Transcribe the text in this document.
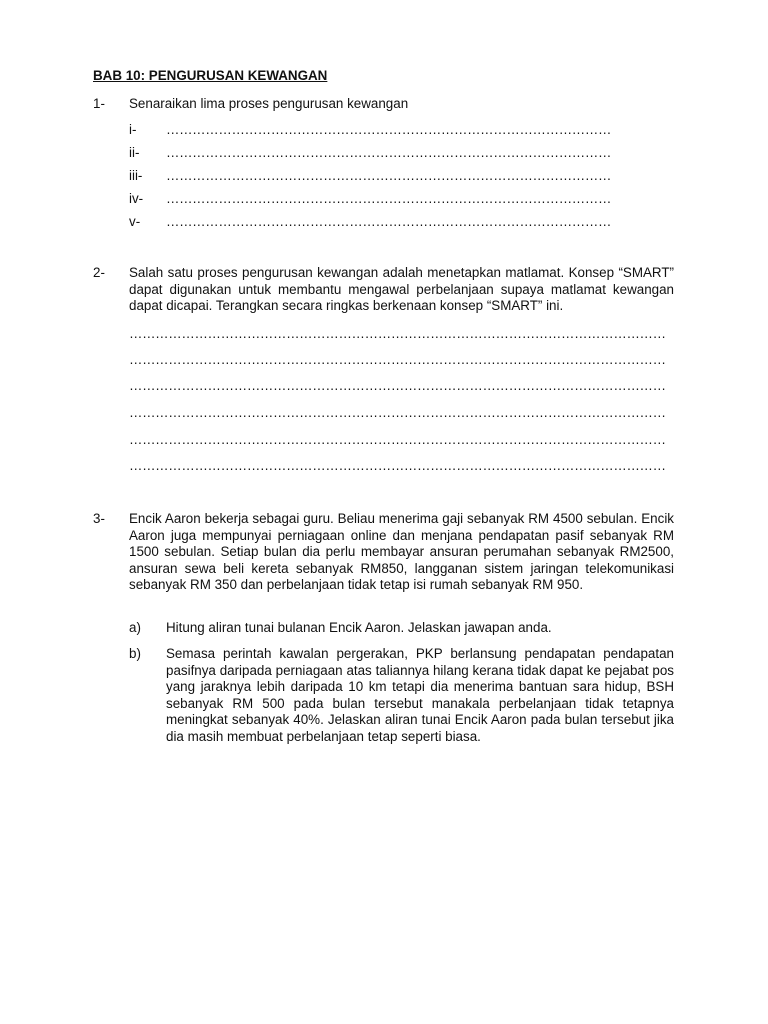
BAB 10: PENGURUSAN KEWANGAN
1- Senaraikan lima proses pengurusan kewangan
i- …………………………………………………………………………………………
ii- …………………………………………………………………………………………
iii- …………………………………………………………………………………………
iv- …………………………………………………………………………………………
v- …………………………………………………………………………………………
2- Salah satu proses pengurusan kewangan adalah menetapkan matlamat. Konsep “SMART” dapat digunakan untuk membantu mengawal perbelanjaan supaya matlamat kewangan dapat dicapai. Terangkan secara ringkas berkenaan konsep “SMART” ini.
……………………………………………………………………………………………………………
……………………………………………………………………………………………………………
……………………………………………………………………………………………………………
……………………………………………………………………………………………………………
……………………………………………………………………………………………………………
……………………………………………………………………………………………………………
3- Encik Aaron bekerja sebagai guru. Beliau menerima gaji sebanyak RM 4500 sebulan. Encik Aaron juga mempunyai perniagaan online dan menjana pendapatan pasif sebanyak RM 1500 sebulan. Setiap bulan dia perlu membayar ansuran perumahan sebanyak RM2500, ansuran sewa beli kereta sebanyak RM850, langganan sistem jaringan telekomunikasi sebanyak RM 350 dan perbelanjaan tidak tetap isi rumah sebanyak RM 950.
a) Hitung aliran tunai bulanan Encik Aaron. Jelaskan jawapan anda.
b) Semasa perintah kawalan pergerakan, PKP berlansung pendapatan pendapatan pasifnya daripada perniagaan atas taliannya hilang kerana tidak dapat ke pejabat pos yang jaraknya lebih daripada 10 km tetapi dia menerima bantuan sara hidup, BSH sebanyak RM 500 pada bulan tersebut manakala perbelanjaan tidak tetapnya meningkat sebanyak 40%. Jelaskan aliran tunai Encik Aaron pada bulan tersebut jika dia masih membuat perbelanjaan tetap seperti biasa.
